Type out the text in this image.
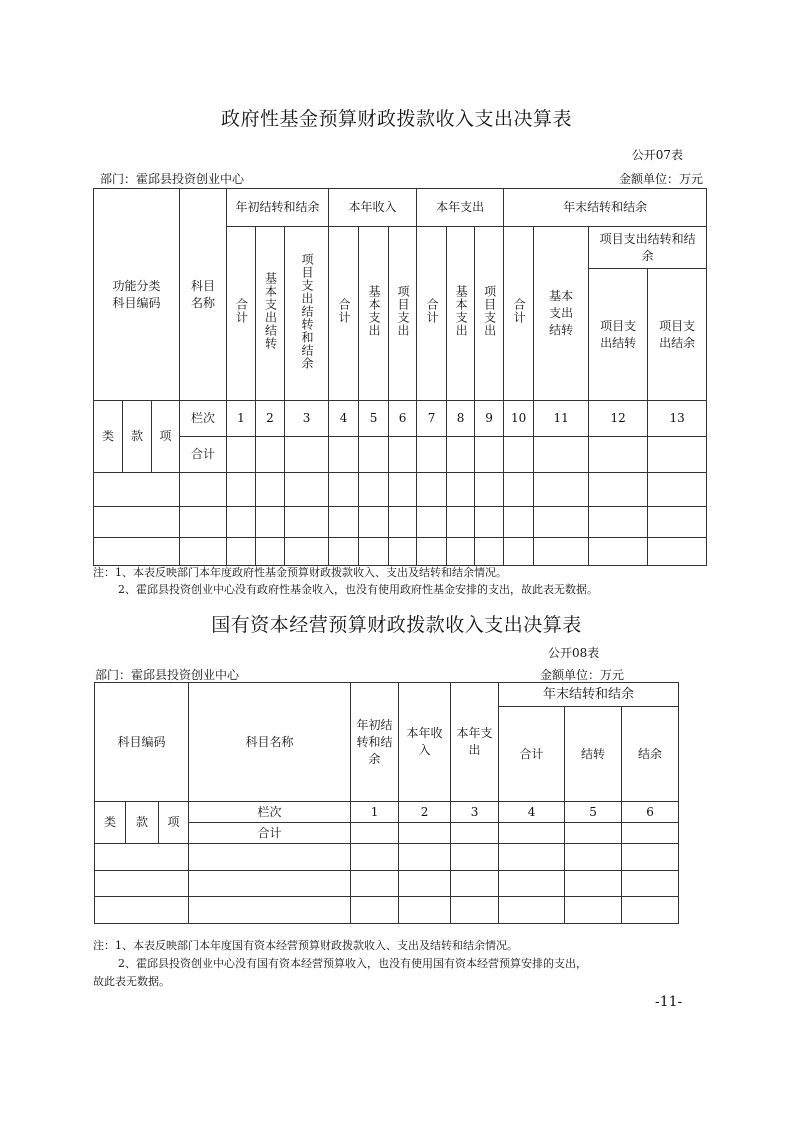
政府性基金预算财政拨款收入支出决算表
公开07表
部门：霍邱县投资创业中心	金额单位：万元
功能分类科目编码			科目名称	年初结转和结余			本年收入			本年支出			年末结转和结余			
				合计	基本支出结转	项目支出结转和结余	合计	基本支出	项目支出	合计	基本支出	项目支出	合计	基本支出结转	项目支出结转和结余	
															项目支出结转	项目支出结余
类	款	项	栏次	1	2	3	4	5	6	7	8	9	10	11	12	13
			合计													

注：1、本表反映部门本年度政府性基金预算财政拨款收入、支出及结转和结余情况。
2、霍邱县投资创业中心没有政府性基金收入，也没有使用政府性基金安排的支出，故此表无数据。
国有资本经营预算财政拨款收入支出决算表
公开08表
部门：霍邱县投资创业中心	金额单位：万元
科目编码			科目名称	年初结转和结余	本年收入	本年支出	年末结转和结余		
							合计	结转	结余
类	款	项	栏次	1	2	3	4	5	6
			合计						

注：1、本表反映部门本年度国有资本经营预算财政拨款收入、支出及结转和结余情况。
2、霍邱县投资创业中心没有国有资本经营预算收入，也没有使用国有资本经营预算安排的支出，
故此表无数据。
-11-
